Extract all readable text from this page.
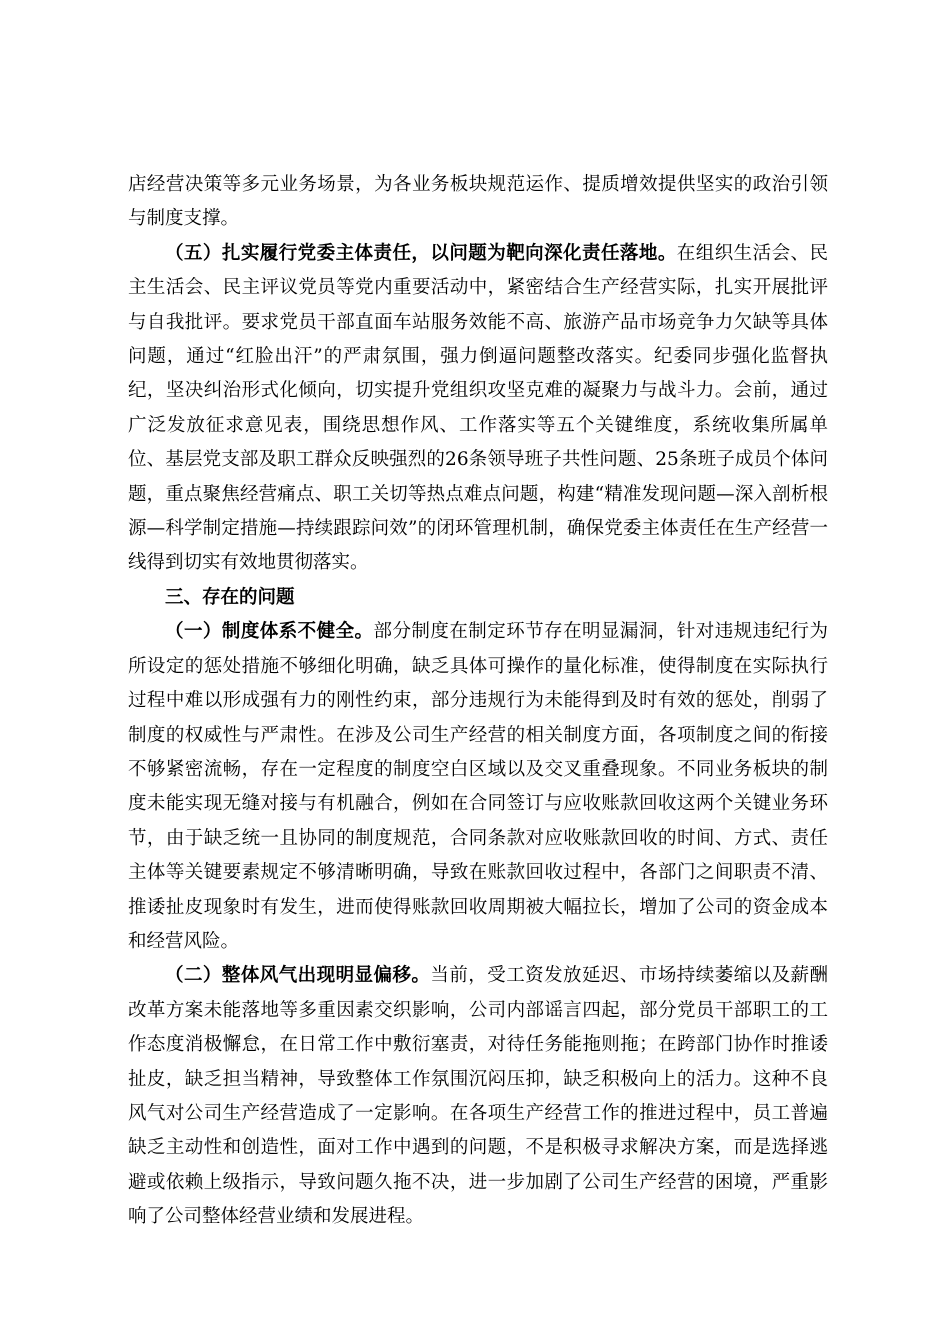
店经营决策等多元业务场景，为各业务板块规范运作、提质增效提供坚实的政治引领与制度支撑。

（五）扎实履行党委主体责任，以问题为靶向深化责任落地。在组织生活会、民主生活会、民主评议党员等党内重要活动中，紧密结合生产经营实际，扎实开展批评与自我批评。要求党员干部直面车站服务效能不高、旅游产品市场竞争力欠缺等具体问题，通过“红脸出汗”的严肃氛围，强力倒逼问题整改落实。纪委同步强化监督执纪，坚决纠治形式化倾向，切实提升党组织攻坚克难的凝聚力与战斗力。会前，通过广泛发放征求意见表，围绕思想作风、工作落实等五个关键维度，系统收集所属单位、基层党支部及职工群众反映强烈的26条领导班子共性问题、25条班子成员个体问题，重点聚焦经营痛点、职工关切等热点难点问题，构建“精准发现问题—深入剖析根源—科学制定措施—持续跟踪问效”的闭环管理机制，确保党委主体责任在生产经营一线得到切实有效地贯彻落实。

三、存在的问题

（一）制度体系不健全。部分制度在制定环节存在明显漏洞，针对违规违纪行为所设定的惩处措施不够细化明确，缺乏具体可操作的量化标准，使得制度在实际执行过程中难以形成强有力的刚性约束，部分违规行为未能得到及时有效的惩处，削弱了制度的权威性与严肃性。在涉及公司生产经营的相关制度方面，各项制度之间的衔接不够紧密流畅，存在一定程度的制度空白区域以及交叉重叠现象。不同业务板块的制度未能实现无缝对接与有机融合，例如在合同签订与应收账款回收这两个关键业务环节，由于缺乏统一且协同的制度规范，合同条款对应收账款回收的时间、方式、责任主体等关键要素规定不够清晰明确，导致在账款回收过程中，各部门之间职责不清、推诿扯皮现象时有发生，进而使得账款回收周期被大幅拉长，增加了公司的资金成本和经营风险。

（二）整体风气出现明显偏移。当前，受工资发放延迟、市场持续萎缩以及薪酬改革方案未能落地等多重因素交织影响，公司内部谣言四起，部分党员干部职工的工作态度消极懈怠，在日常工作中敷衍塞责，对待任务能拖则拖；在跨部门协作时推诿扯皮，缺乏担当精神，导致整体工作氛围沉闷压抑，缺乏积极向上的活力。这种不良风气对公司生产经营造成了一定影响。在各项生产经营工作的推进过程中，员工普遍缺乏主动性和创造性，面对工作中遇到的问题，不是积极寻求解决方案，而是选择逃避或依赖上级指示，导致问题久拖不决，进一步加剧了公司生产经营的困境，严重影响了公司整体经营业绩和发展进程。
